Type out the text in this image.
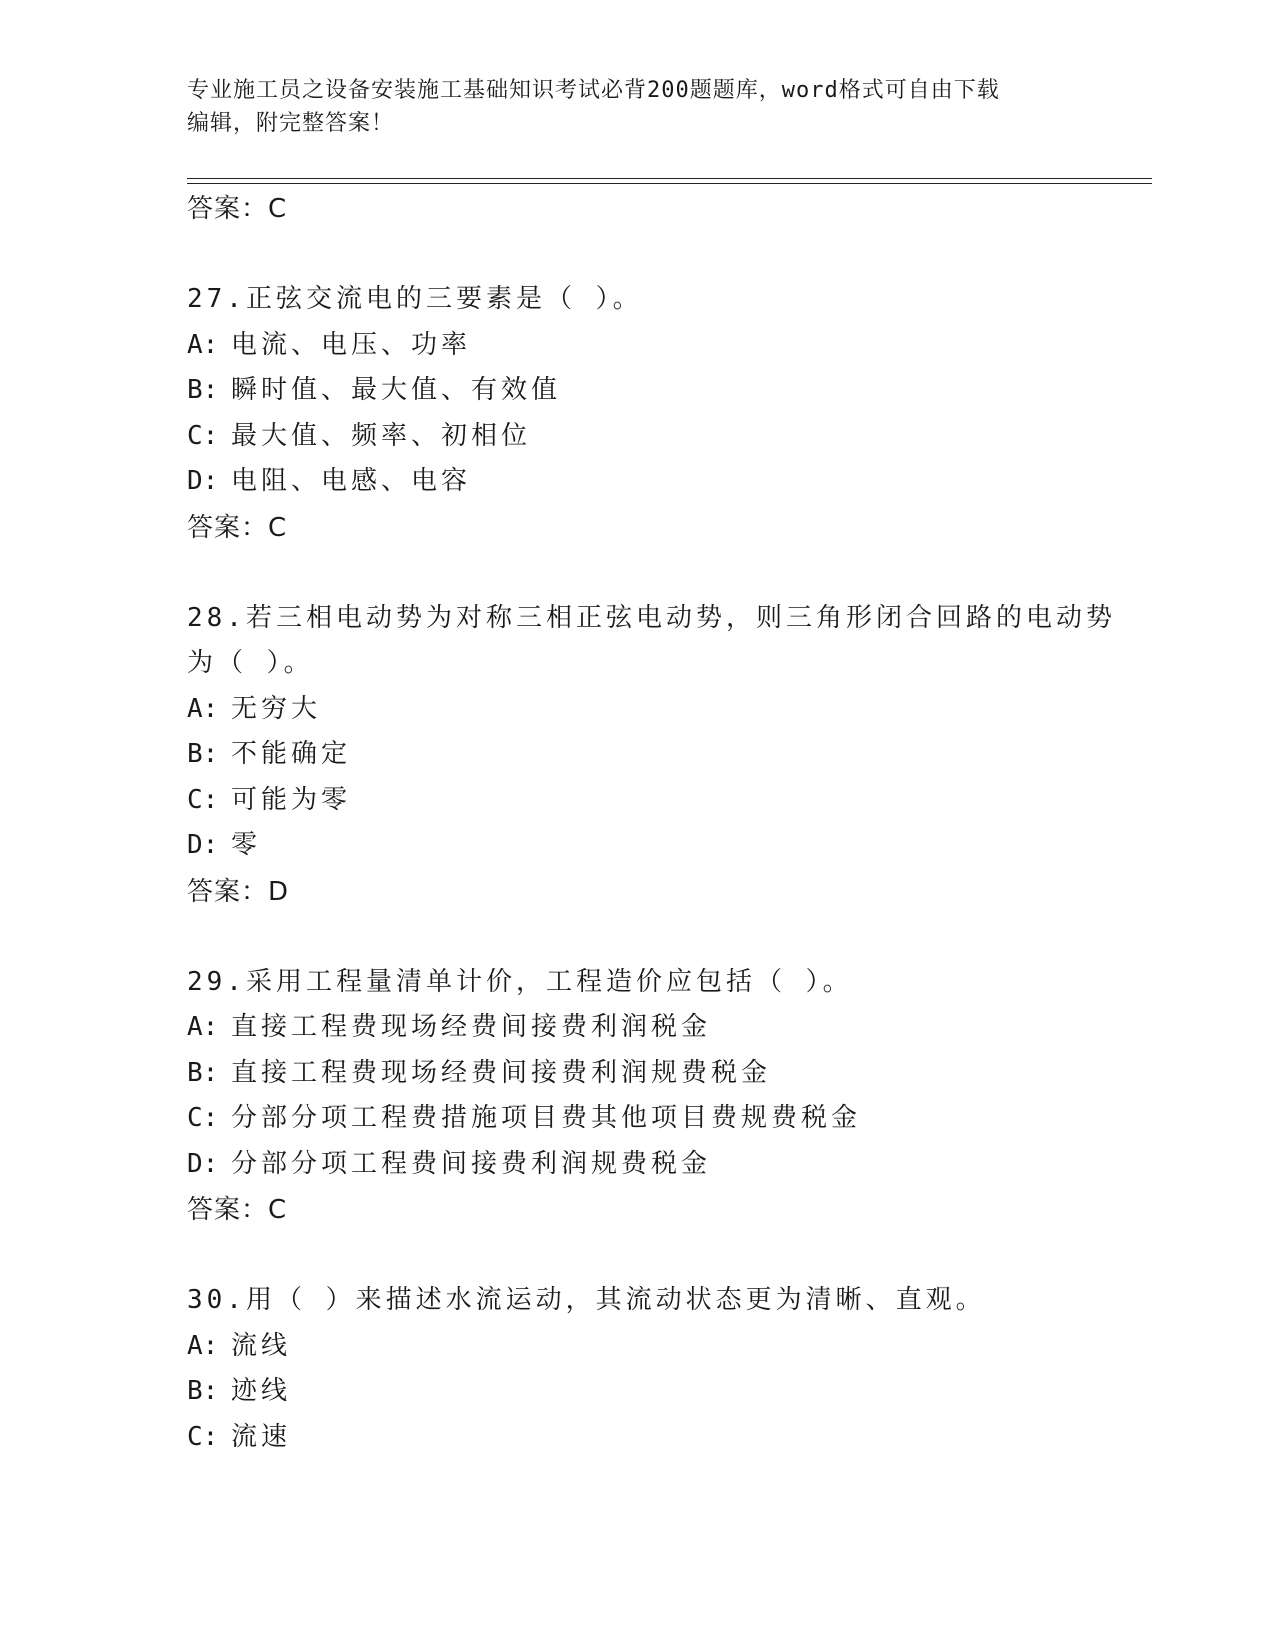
专业施工员之设备安装施工基础知识考试必背200题题库，word格式可自由下载
编辑，附完整答案！
答案：C
27.正弦交流电的三要素是（ ）。
A: 电流、电压、功率
B: 瞬时值、最大值、有效值
C: 最大值、频率、初相位
D: 电阻、电感、电容
答案：C
28.若三相电动势为对称三相正弦电动势，则三角形闭合回路的电动势
为（ ）。
A: 无穷大
B: 不能确定
C: 可能为零
D: 零
答案：D
29.采用工程量清单计价，工程造价应包括（ ）。
A: 直接工程费现场经费间接费利润税金
B: 直接工程费现场经费间接费利润规费税金
C: 分部分项工程费措施项目费其他项目费规费税金
D: 分部分项工程费间接费利润规费税金
答案：C
30.用（ ）来描述水流运动，其流动状态更为清晰、直观。
A: 流线
B: 迹线
C: 流速
